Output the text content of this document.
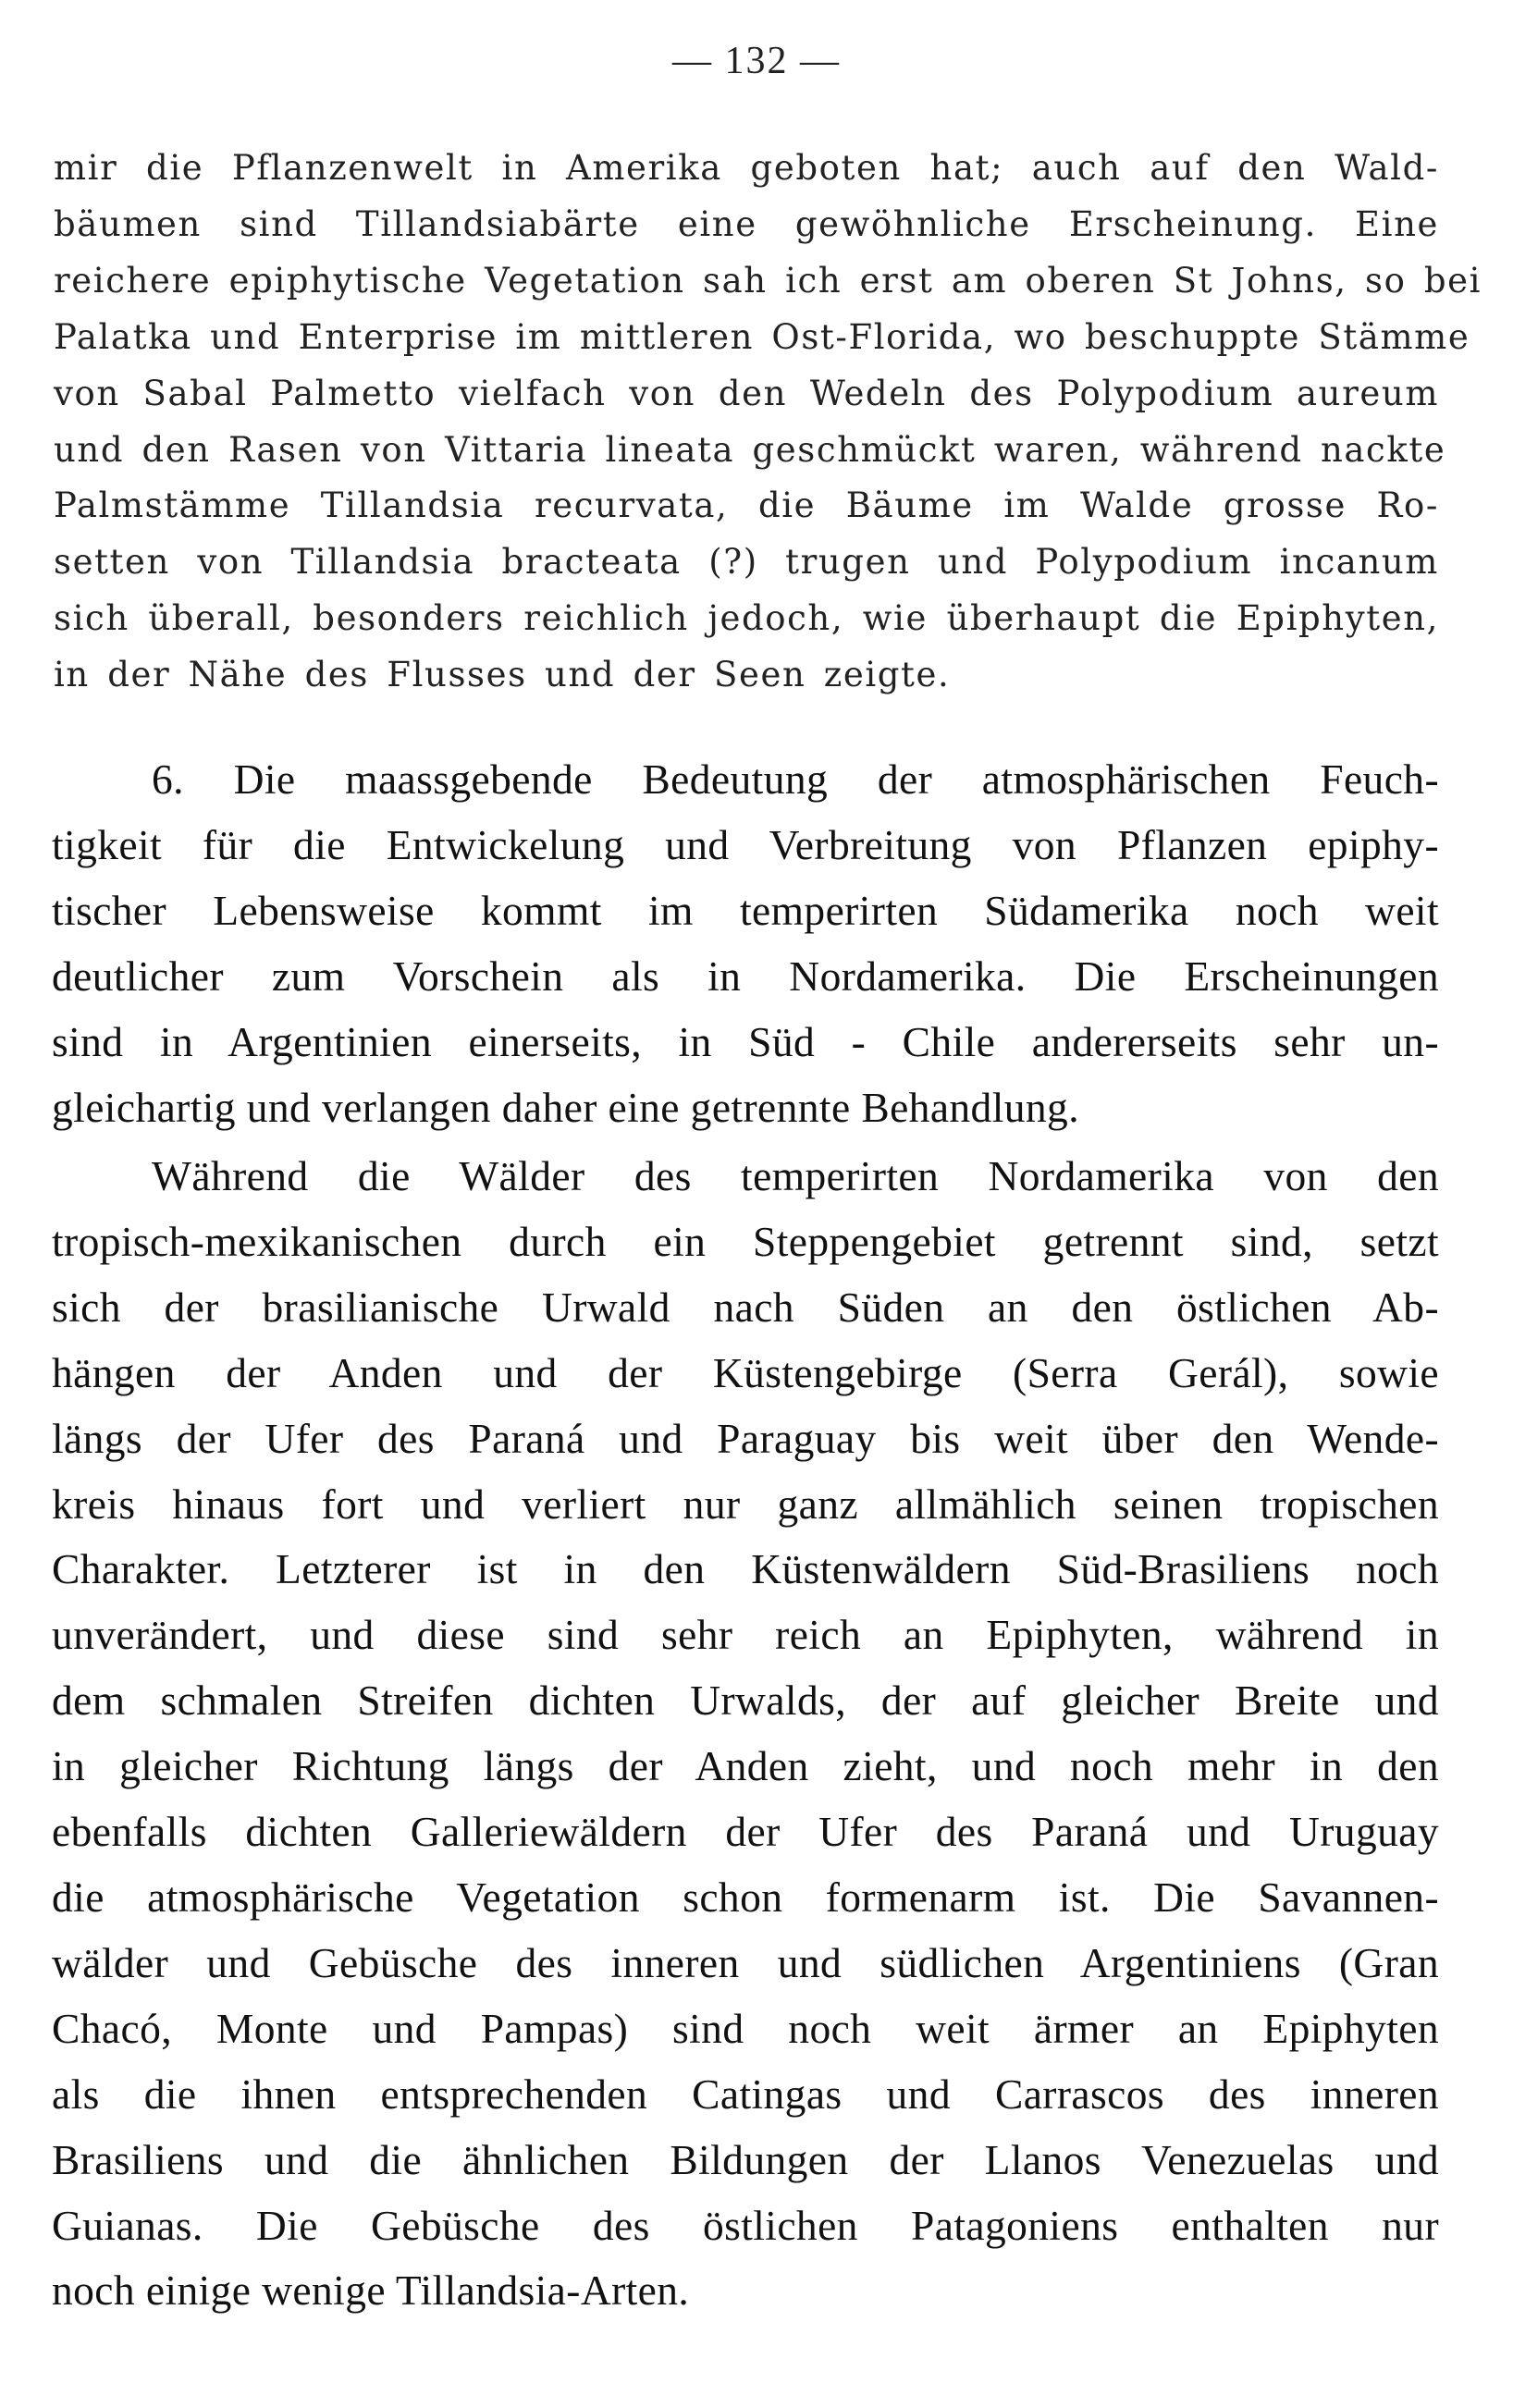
— 132 —
mir die Pflanzenwelt in Amerika geboten hat; auch auf den Wald-
bäumen sind Tillandsiabärte eine gewöhnliche Erscheinung. Eine
reichere epiphytische Vegetation sah ich erst am oberen St Johns, so bei
Palatka und Enterprise im mittleren Ost-Florida, wo beschuppte Stämme
von Sabal Palmetto vielfach von den Wedeln des Polypodium aureum
und den Rasen von Vittaria lineata geschmückt waren, während nackte
Palmstämme Tillandsia recurvata, die Bäume im Walde grosse Ro-
setten von Tillandsia bracteata (?) trugen und Polypodium incanum
sich überall, besonders reichlich jedoch, wie überhaupt die Epiphyten,
in der Nähe des Flusses und der Seen zeigte.
6. Die maassgebende Bedeutung der atmosphärischen Feuch-
tigkeit für die Entwickelung und Verbreitung von Pflanzen epiphy-
tischer Lebensweise kommt im temperirten Südamerika noch weit
deutlicher zum Vorschein als in Nordamerika. Die Erscheinungen
sind in Argentinien einerseits, in Süd - Chile andererseits sehr un-
gleichartig und verlangen daher eine getrennte Behandlung.
Während die Wälder des temperirten Nordamerika von den
tropisch-mexikanischen durch ein Steppengebiet getrennt sind, setzt
sich der brasilianische Urwald nach Süden an den östlichen Ab-
hängen der Anden und der Küstengebirge (Serra Gerál), sowie
längs der Ufer des Paraná und Paraguay bis weit über den Wende-
kreis hinaus fort und verliert nur ganz allmählich seinen tropischen
Charakter. Letzterer ist in den Küstenwäldern Süd-Brasiliens noch
unverändert, und diese sind sehr reich an Epiphyten, während in
dem schmalen Streifen dichten Urwalds, der auf gleicher Breite und
in gleicher Richtung längs der Anden zieht, und noch mehr in den
ebenfalls dichten Galleriewäldern der Ufer des Paraná und Uruguay
die atmosphärische Vegetation schon formenarm ist. Die Savannen-
wälder und Gebüsche des inneren und südlichen Argentiniens (Gran
Chacó, Monte und Pampas) sind noch weit ärmer an Epiphyten
als die ihnen entsprechenden Catingas und Carrascos des inneren
Brasiliens und die ähnlichen Bildungen der Llanos Venezuelas und
Guianas. Die Gebüsche des östlichen Patagoniens enthalten nur
noch einige wenige Tillandsia-Arten.
